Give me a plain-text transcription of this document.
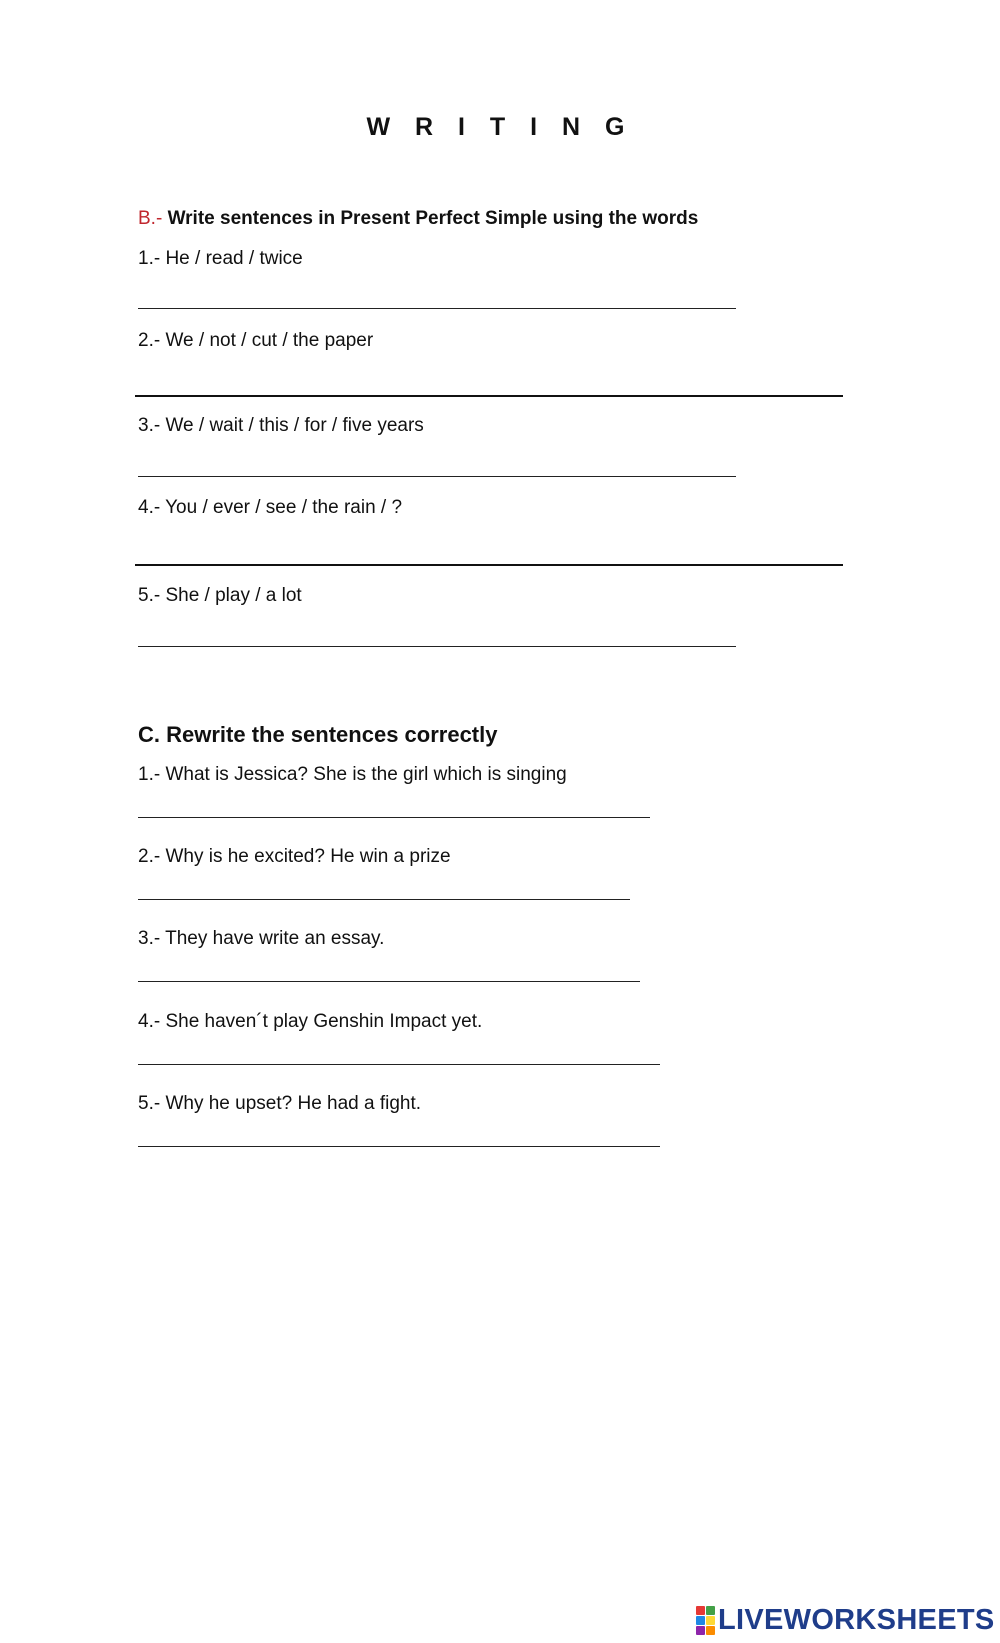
W R I T I N G
B.- Write sentences in Present Perfect Simple using the words
1.- He / read / twice
2.- We / not / cut / the paper
3.- We / wait / this / for / five years
4.- You / ever / see / the rain / ?
5.- She / play / a lot
C. Rewrite the sentences correctly
1.- What is Jessica? She is the girl which is singing
2.- Why is he excited? He win a prize
3.- They have write an essay.
4.- She haven´t play Genshin Impact yet.
5.- Why he upset? He had a fight.
LIVEWORKSHEETS
